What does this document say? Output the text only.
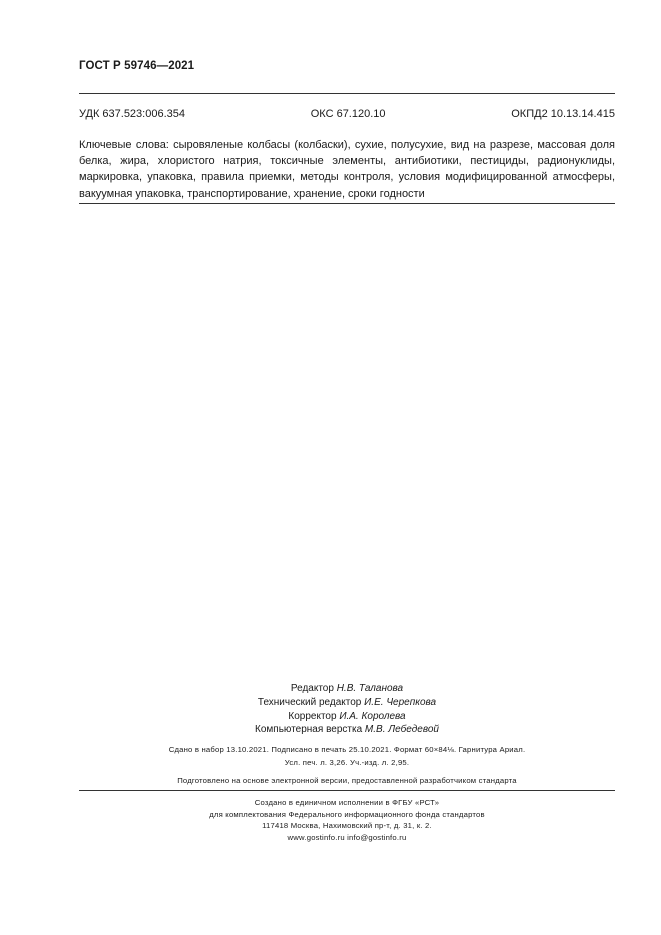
ГОСТ Р 59746—2021
УДК 637.523:006.354	ОКС 67.120.10	ОКПД2 10.13.14.415
Ключевые слова: сыровяленые колбасы (колбаски), сухие, полусухие, вид на разрезе, массовая доля белка, жира, хлористого натрия, токсичные элементы, антибиотики, пестициды, радионуклиды, маркировка, упаковка, правила приемки, методы контроля, условия модифицированной атмосферы, вакуумная упаковка, транспортирование, хранение, сроки годности
Редактор Н.В. Таланова
Технический редактор И.Е. Черепкова
Корректор И.А. Королева
Компьютерная верстка М.В. Лебедевой
Сдано в набор 13.10.2021. Подписано в печать 25.10.2021. Формат 60×84⅛. Гарнитура Ариал.
Усл. печ. л. 3,26. Уч.-изд. л. 2,95.
Подготовлено на основе электронной версии, предоставленной разработчиком стандарта
Создано в единичном исполнении в ФГБУ «РСТ»
для комплектования Федерального информационного фонда стандартов
117418 Москва, Нахимовский пр-т, д. 31, к. 2.
www.gostinfo.ru info@gostinfo.ru
